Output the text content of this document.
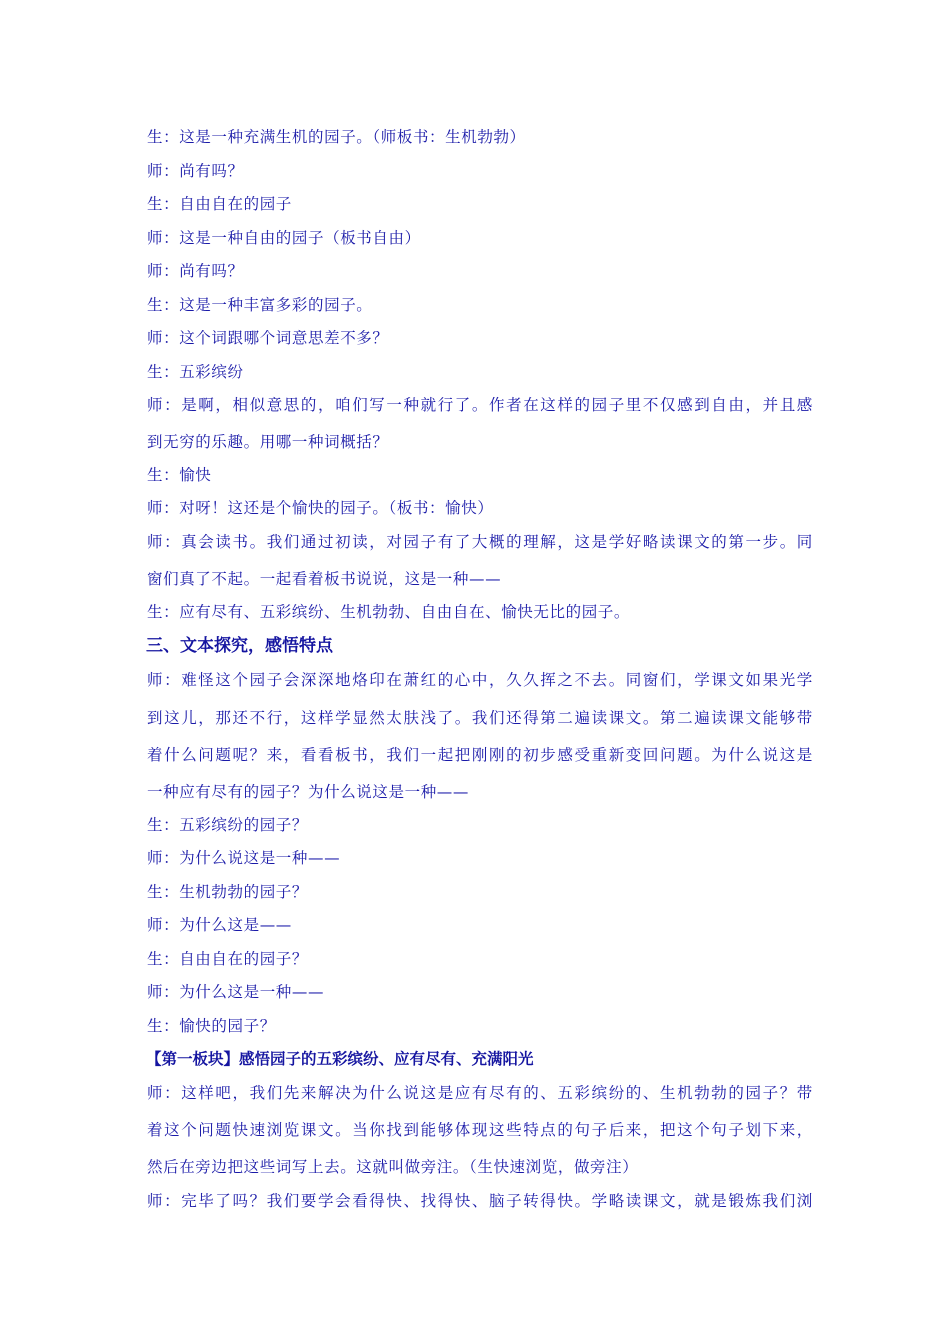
生：这是一种充满生机的园子。（师板书：生机勃勃）
师：尚有吗？
生：自由自在的园子
师：这是一种自由的园子（板书自由）
师：尚有吗？
生：这是一种丰富多彩的园子。
师：这个词跟哪个词意思差不多？
生：五彩缤纷
师：是啊，相似意思的，咱们写一种就行了。作者在这样的园子里不仅感到自由，并且感
到无穷的乐趣。用哪一种词概括？
生：愉快
师：对呀！这还是个愉快的园子。（板书：愉快）
师：真会读书。我们通过初读，对园子有了大概的理解，这是学好略读课文的第一步。同
窗们真了不起。一起看着板书说说，这是一种——
生：应有尽有、五彩缤纷、生机勃勃、自由自在、愉快无比的园子。
三、文本探究，感悟特点
师：难怪这个园子会深深地烙印在萧红的心中，久久挥之不去。同窗们，学课文如果光学
到这儿，那还不行，这样学显然太肤浅了。我们还得第二遍读课文。第二遍读课文能够带
着什么问题呢？来，看看板书，我们一起把刚刚的初步感受重新变回问题。为什么说这是
一种应有尽有的园子？为什么说这是一种——
生：五彩缤纷的园子？
师：为什么说这是一种——
生：生机勃勃的园子？
师：为什么这是——
生：自由自在的园子？
师：为什么这是一种——
生：愉快的园子？
【第一板块】感悟园子的五彩缤纷、应有尽有、充满阳光
师：这样吧，我们先来解决为什么说这是应有尽有的、五彩缤纷的、生机勃勃的园子？带
着这个问题快速浏览课文。当你找到能够体现这些特点的句子后来，把这个句子划下来，
然后在旁边把这些词写上去。这就叫做旁注。（生快速浏览，做旁注）
师：完毕了吗？我们要学会看得快、找得快、脑子转得快。学略读课文，就是锻炼我们浏
